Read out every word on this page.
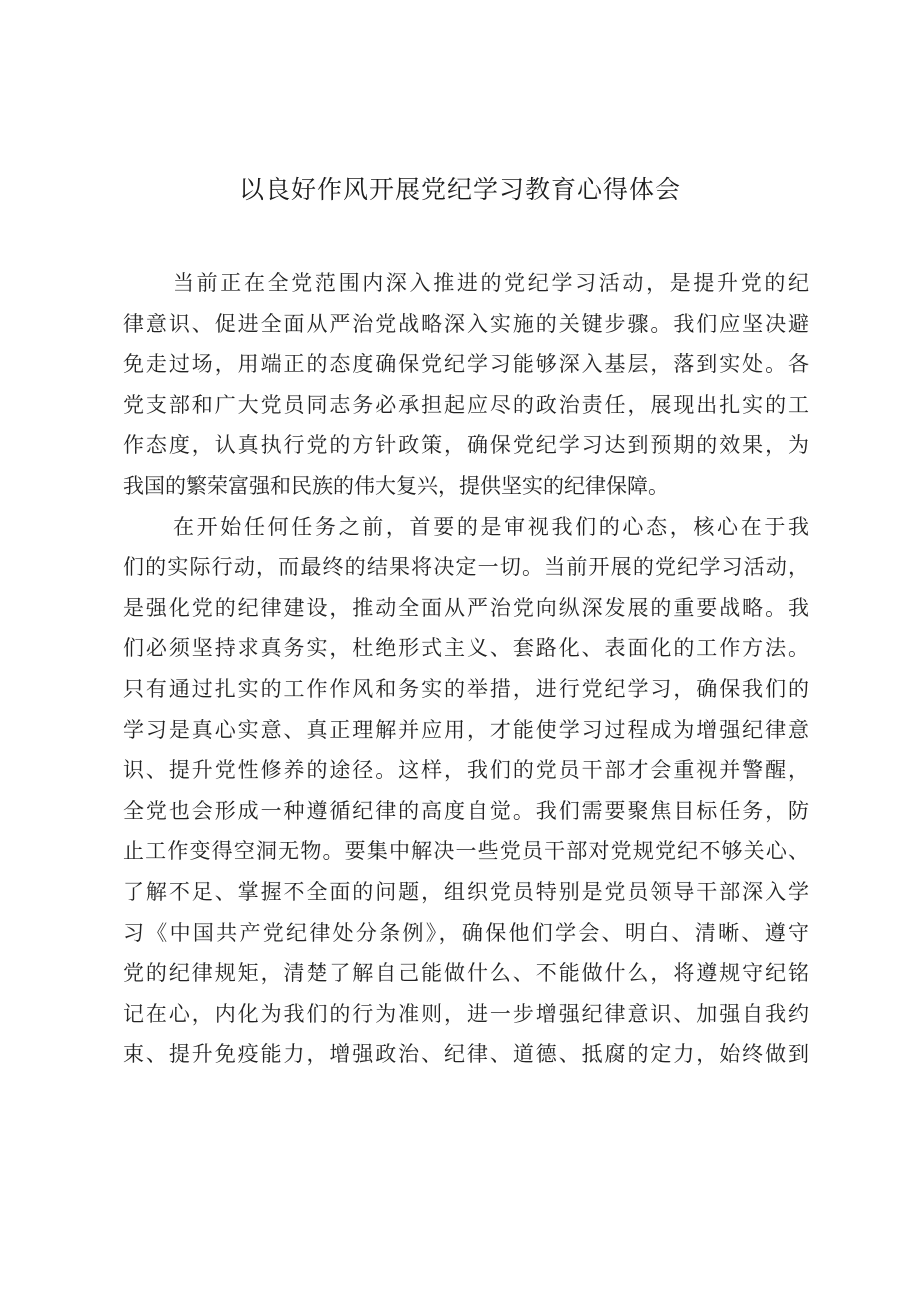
以良好作风开展党纪学习教育心得体会
当前正在全党范围内深入推进的党纪学习活动，是提升党的纪
律意识、促进全面从严治党战略深入实施的关键步骤。我们应坚决避
免走过场，用端正的态度确保党纪学习能够深入基层，落到实处。各
党支部和广大党员同志务必承担起应尽的政治责任，展现出扎实的工
作态度，认真执行党的方针政策，确保党纪学习达到预期的效果，为
我国的繁荣富强和民族的伟大复兴，提供坚实的纪律保障。
在开始任何任务之前，首要的是审视我们的心态，核心在于我
们的实际行动，而最终的结果将决定一切。当前开展的党纪学习活动，
是强化党的纪律建设，推动全面从严治党向纵深发展的重要战略。我
们必须坚持求真务实，杜绝形式主义、套路化、表面化的工作方法。
只有通过扎实的工作作风和务实的举措，进行党纪学习，确保我们的
学习是真心实意、真正理解并应用，才能使学习过程成为增强纪律意
识、提升党性修养的途径。这样，我们的党员干部才会重视并警醒，
全党也会形成一种遵循纪律的高度自觉。我们需要聚焦目标任务，防
止工作变得空洞无物。要集中解决一些党员干部对党规党纪不够关心、
了解不足、掌握不全面的问题，组织党员特别是党员领导干部深入学
习《中国共产党纪律处分条例》，确保他们学会、明白、清晰、遵守
党的纪律规矩，清楚了解自己能做什么、不能做什么，将遵规守纪铭
记在心，内化为我们的行为准则，进一步增强纪律意识、加强自我约
束、提升免疫能力，增强政治、纪律、道德、抵腐的定力，始终做到
